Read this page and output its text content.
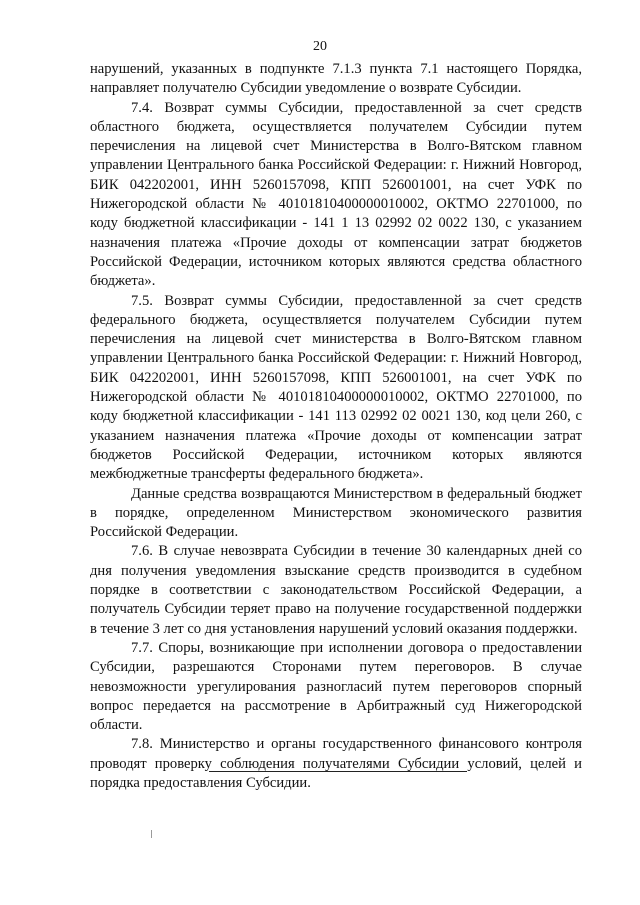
20

нарушений, указанных в подпункте 7.1.3 пункта 7.1 настоящего Порядка, направляет получателю Субсидии уведомление о возврате Субсидии.

7.4. Возврат суммы Субсидии, предоставленной за счет средств областного бюджета, осуществляется получателем Субсидии путем перечисления на лицевой счет Министерства в Волго-Вятском главном управлении Центрального банка Российской Федерации: г. Нижний Новгород, БИК 042202001, ИНН 5260157098, КПП 526001001, на счет УФК по Нижегородской области № 40101810400000010002, ОКТМО 22701000, по коду бюджетной классификации - 141 1 13 02992 02 0022 130, с указанием назначения платежа «Прочие доходы от компенсации затрат бюджетов Российской Федерации, источником которых являются средства областного бюджета».

7.5. Возврат суммы Субсидии, предоставленной за счет средств федерального бюджета, осуществляется получателем Субсидии путем перечисления на лицевой счет министерства в Волго-Вятском главном управлении Центрального банка Российской Федерации: г. Нижний Новгород, БИК 042202001, ИНН 5260157098, КПП 526001001, на счет УФК по Нижегородской области № 40101810400000010002, ОКТМО 22701000, по коду бюджетной классификации - 141 113 02992 02 0021 130, код цели 260, с указанием назначения платежа «Прочие доходы от компенсации затрат бюджетов Российской Федерации, источником которых являются межбюджетные трансферты федерального бюджета».

Данные средства возвращаются Министерством в федеральный бюджет в порядке, определенном Министерством экономического развития Российской Федерации.

7.6. В случае невозврата Субсидии в течение 30 календарных дней со дня получения уведомления взыскание средств производится в судебном порядке в соответствии с законодательством Российской Федерации, а получатель Субсидии теряет право на получение государственной поддержки в течение 3 лет со дня установления нарушений условий оказания поддержки.

7.7. Споры, возникающие при исполнении договора о предоставлении Субсидии, разрешаются Сторонами путем переговоров. В случае невозможности урегулирования разногласий путем переговоров спорный вопрос передается на рассмотрение в Арбитражный суд Нижегородской области.

7.8. Министерство и органы государственного финансового контроля проводят проверку соблюдения получателями Субсидии условий, целей и порядка предоставления Субсидии.
